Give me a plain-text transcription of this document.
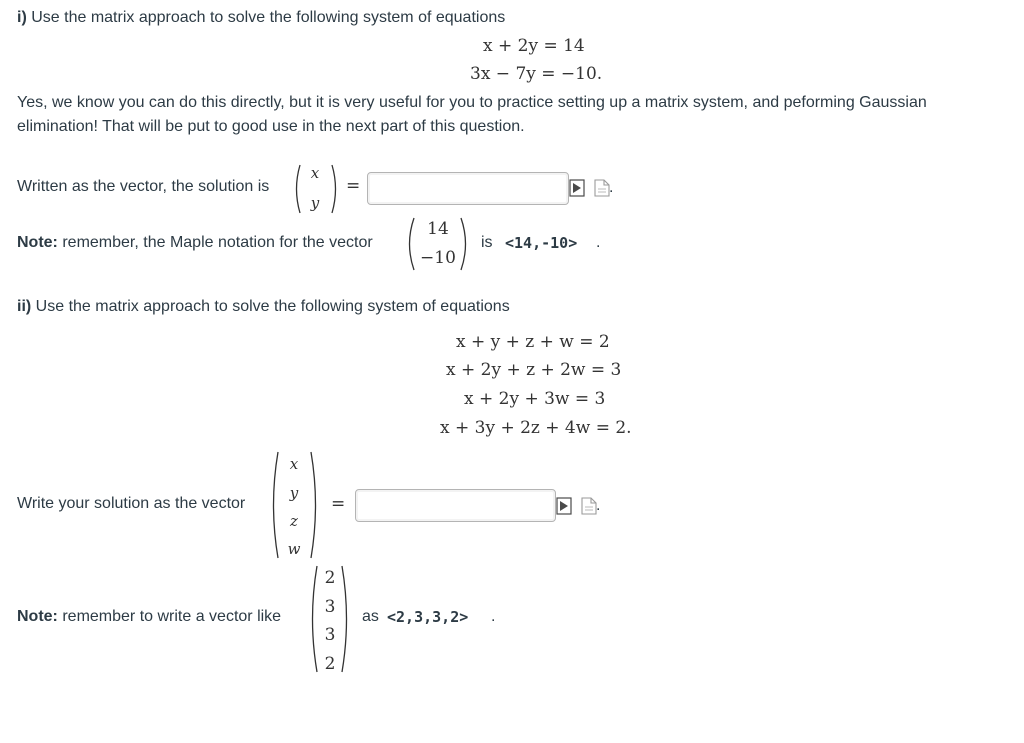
i) Use the matrix approach to solve the following system of equations
x + 2y = 14
3x − 7y = −10.
Yes, we know you can do this directly, but it is very useful for you to practice setting up a matrix system, and peforming Gaussian
elimination! That will be put to good use in the next part of this question.
Written as the vector, the solution is
x
y
=	.
Note: remember, the Maple notation for the vector
14
−10
is <14,-10> .
ii) Use the matrix approach to solve the following system of equations
x + y + z + w = 2
x + 2y + z + 2w = 3
x + 2y + 3w = 3
x + 3y + 2z + 4w = 2.
Write your solution as the vector
x
y
z
w
=	.
Note: remember to write a vector like
2
3
3
2
as <2,3,3,2> .
